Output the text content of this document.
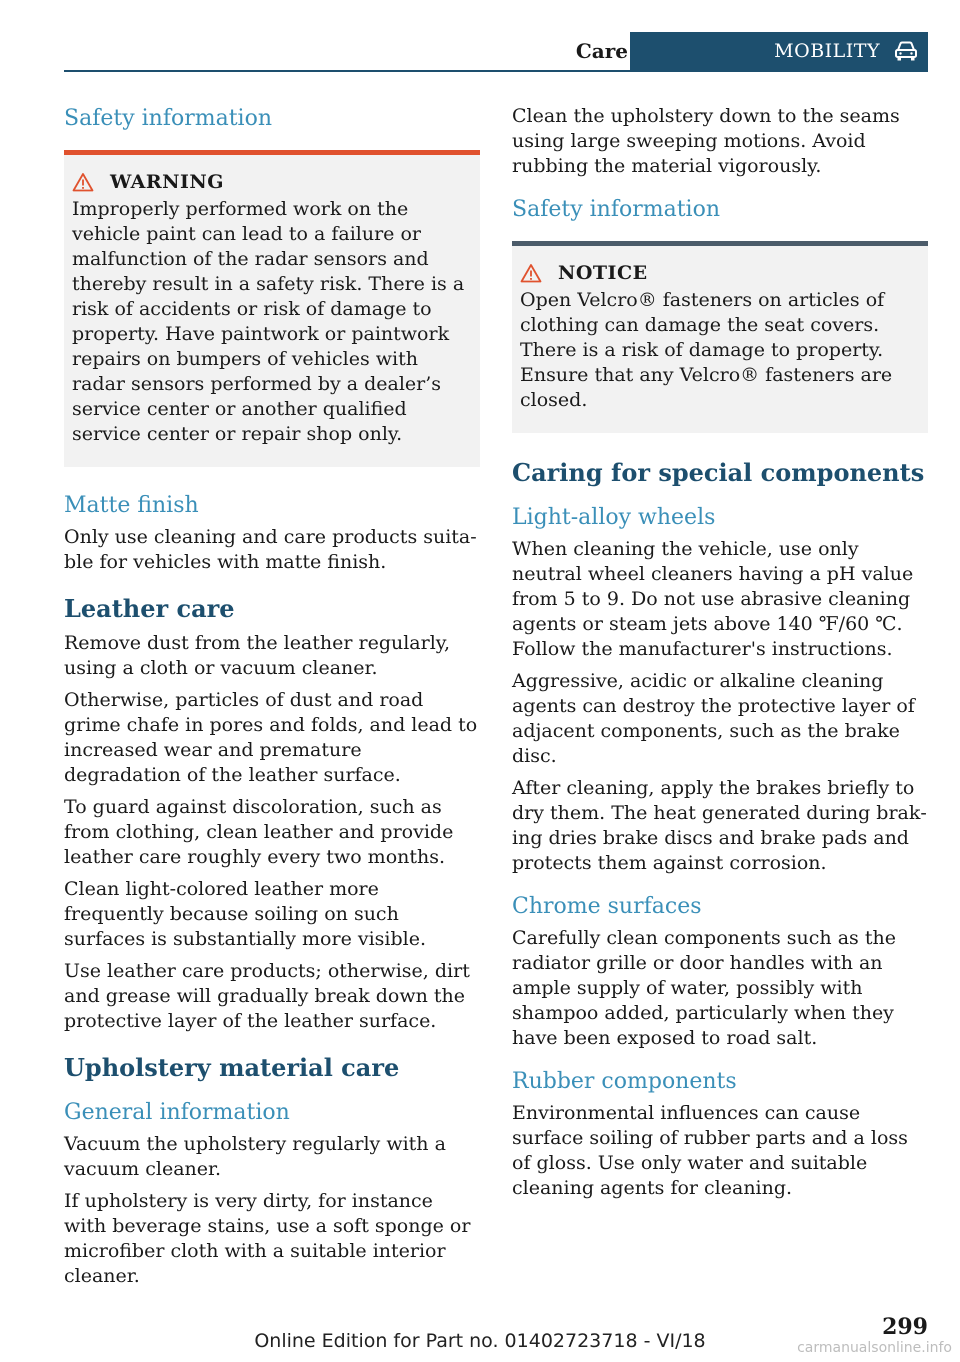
Care	MOBILITY
Safety information
WARNING

Improperly performed work on the vehicle paint can lead to a failure or malfunction of the radar sensors and thereby result in a safety risk. There is a risk of accidents or risk of damage to property. Have paintwork or paintwork repairs on bumpers of vehicles with radar sensors performed by a dealer’s service center or another qualified service center or repair shop only.

Matte finish

Only use cleaning and care products suitable for vehicles with matte finish.

Leather care

Remove dust from the leather regularly, using a cloth or vacuum cleaner.

Otherwise, particles of dust and road grime chafe in pores and folds, and lead to increased wear and premature degradation of the leather surface.

To guard against discoloration, such as from clothing, clean leather and provide leather care roughly every two months.

Clean light-colored leather more frequently because soiling on such surfaces is substantially more visible.

Use leather care products; otherwise, dirt and grease will gradually break down the protective layer of the leather surface.

Upholstery material care
General information

Vacuum the upholstery regularly with a vacuum cleaner.

If upholstery is very dirty, for instance with beverage stains, use a soft sponge or microfiber cloth with a suitable interior cleaner.

Clean the upholstery down to the seams using large sweeping motions. Avoid rubbing the material vigorously.

Safety information
NOTICE

Open Velcro® fasteners on articles of clothing can damage the seat covers. There is a risk of damage to property. Ensure that any Velcro® fasteners are closed.

Caring for special components
Light-alloy wheels

When cleaning the vehicle, use only neutral wheel cleaners having a pH value from 5 to 9. Do not use abrasive cleaning agents or steam jets above 140 ℉/60 ℃. Follow the manufacturer's instructions.

Aggressive, acidic or alkaline cleaning agents can destroy the protective layer of adjacent components, such as the brake disc.

After cleaning, apply the brakes briefly to dry them. The heat generated during braking dries brake discs and brake pads and protects them against corrosion.

Chrome surfaces

Carefully clean components such as the radiator grille or door handles with an ample supply of water, possibly with shampoo added, particularly when they have been exposed to road salt.

Rubber components

Environmental influences can cause surface soiling of rubber parts and a loss of gloss. Use only water and suitable cleaning agents for cleaning.

299
Online Edition for Part no. 01402723718 - VI/18	carmanualsonline.info
